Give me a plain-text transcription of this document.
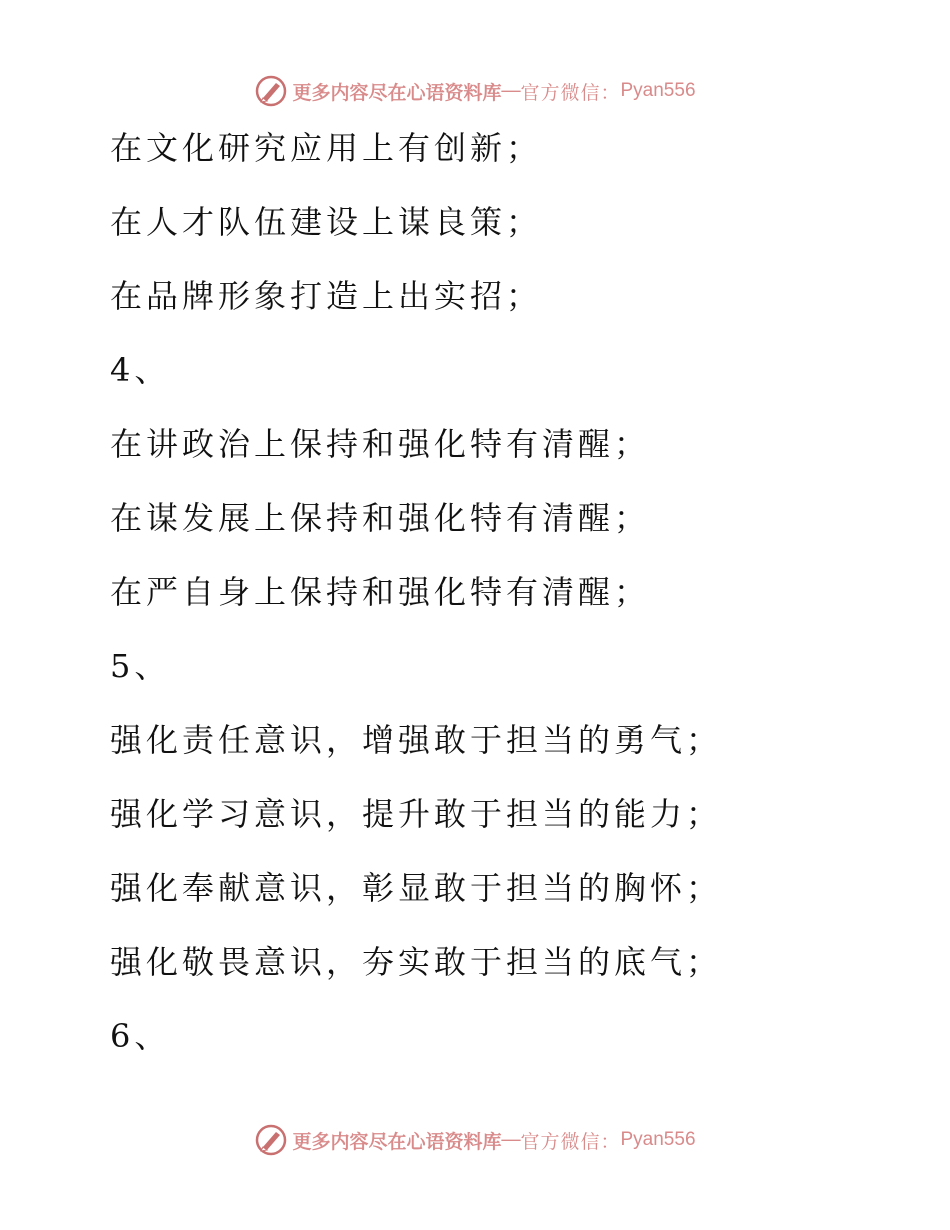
更多内容尽在心语资料库 — 官方微信： Pyan556
在文化研究应用上有创新；
在人才队伍建设上谋良策；
在品牌形象打造上出实招；
4、
在讲政治上保持和强化特有清醒；
在谋发展上保持和强化特有清醒；
在严自身上保持和强化特有清醒；
5、
强化责任意识，增强敢于担当的勇气；
强化学习意识，提升敢于担当的能力；
强化奉献意识，彰显敢于担当的胸怀；
强化敬畏意识，夯实敢于担当的底气；
6、
更多内容尽在心语资料库 — 官方微信： Pyan556
